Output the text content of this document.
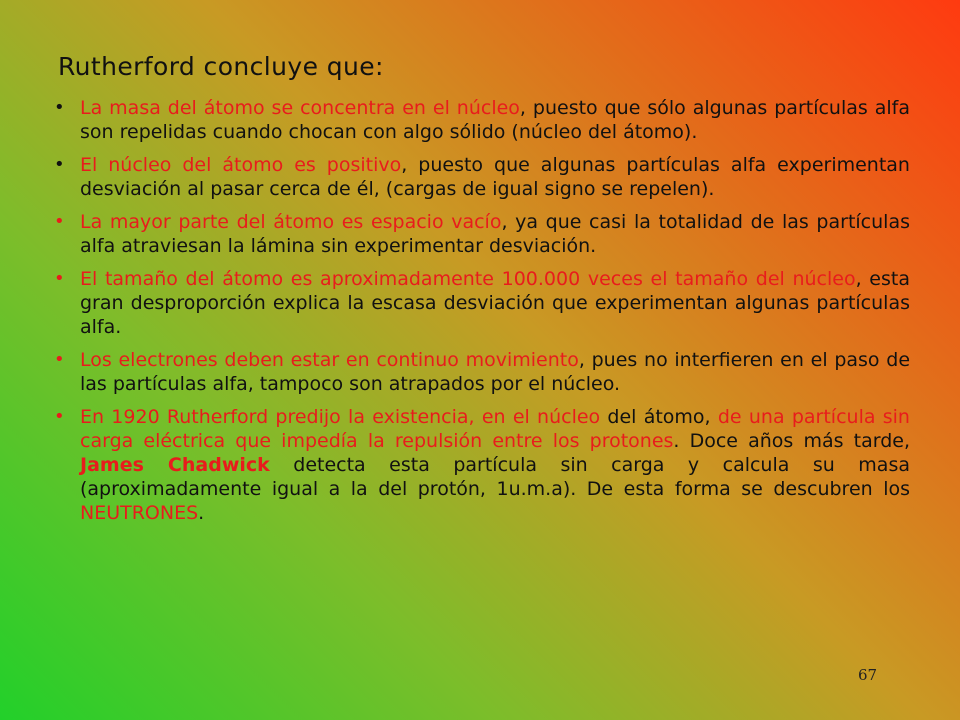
Rutherford concluye que:
• La masa del átomo se concentra en el núcleo, puesto que sólo algunas partículas alfa son repelidas cuando chocan con algo sólido (núcleo del átomo).
• El núcleo del átomo es positivo, puesto que algunas partículas alfa experimentan desviación al pasar cerca de él, (cargas de igual signo se repelen).
• La mayor parte del átomo es espacio vacío, ya que casi la totalidad de las partículas alfa atraviesan la lámina sin experimentar desviación.
• El tamaño del átomo es aproximadamente 100.000 veces el tamaño del núcleo, esta   gran desproporción explica la escasa desviación que experimentan algunas partículas alfa.
• Los electrones deben estar en continuo movimiento, pues no interfieren en el paso de las partículas alfa, tampoco son atrapados por el núcleo.
• En 1920 Rutherford predijo la existencia, en el núcleo del átomo, de una partícula sin carga eléctrica que impedía la repulsión entre los protones. Doce años más tarde, James Chadwick detecta esta partícula sin carga y calcula su masa (aproximadamente igual a la del protón, 1u.m.a). De esta forma se descubren los NEUTRONES.
67
